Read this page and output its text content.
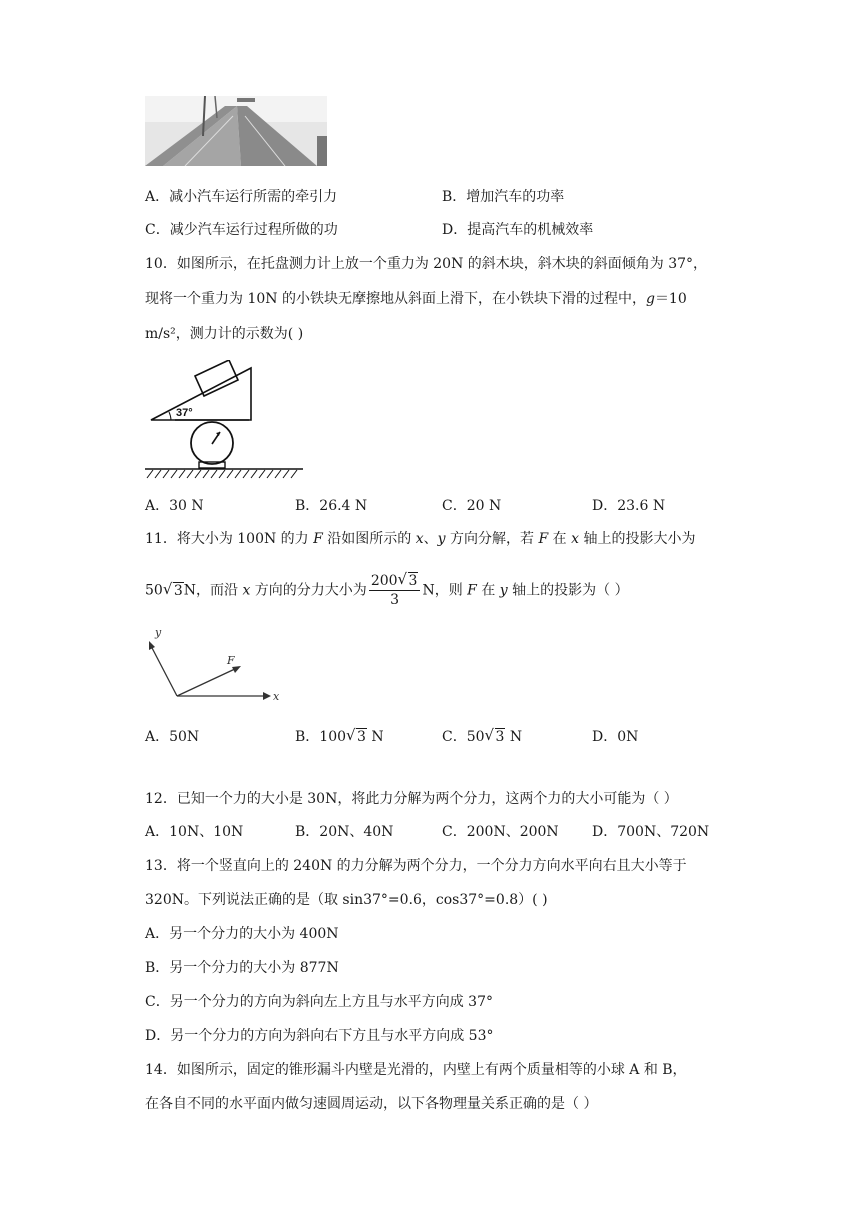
A．减小汽车运行所需的牵引力	B．增加汽车的功率
C．减少汽车运行过程所做的功	D．提高汽车的机械效率
10．如图所示，在托盘测力计上放一个重力为 20N 的斜木块，斜木块的斜面倾角为 37°，
现将一个重力为 10N 的小铁块无摩擦地从斜面上滑下，在小铁块下滑的过程中，g＝10
m/s²，测力计的示数为( )
37°
A．30 N	B．26.4 N	C．20 N	D．23.6 N
11．将大小为 100N 的力 F 沿如图所示的 x、y 方向分解，若 F 在 x 轴上的投影大小为
50 √ 3N，而沿 x 方向的分力大小为 $\frac{200 √ 3}{3}$ N，则 F 在 y 轴上的投影为（ ）
y
x
F
A．50N	B．100 √ 3 N	C．50 √ 3 N	D．0N
12．已知一个力的大小是 30N，将此力分解为两个分力，这两个力的大小可能为（ ）
A．10N、10N	B．20N、40N	C．200N、200N D．700N、720N
13．将一个竖直向上的 240N 的力分解为两个分力，一个分力方向水平向右且大小等于
320N。下列说法正确的是（取 sin37°=0.6，cos37°=0.8）( )
A．另一个分力的大小为 400N
B．另一个分力的大小为 877N
C．另一个分力的方向为斜向左上方且与水平方向成 37°
D．另一个分力的方向为斜向右下方且与水平方向成 53°
14．如图所示，固定的锥形漏斗内壁是光滑的，内壁上有两个质量相等的小球 A 和 B，
在各自不同的水平面内做匀速圆周运动，以下各物理量关系正确的是（ ）
